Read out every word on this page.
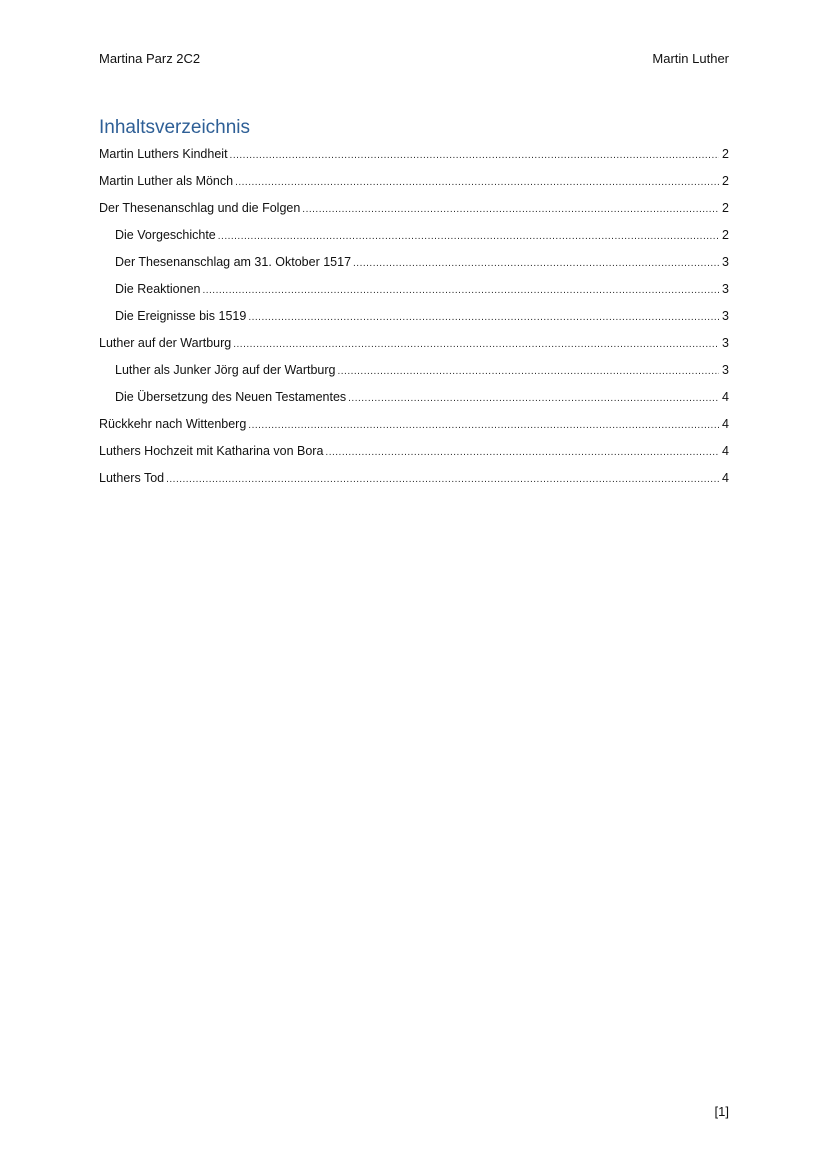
Martina Parz 2C2	Martin Luther
Inhaltsverzeichnis
Martin Luthers Kindheit .....	2
Martin Luther als Mönch .....	2
Der Thesenanschlag und die Folgen .....	2
Die Vorgeschichte .....	2
Der Thesenanschlag am 31. Oktober 1517 .....	3
Die Reaktionen .....	3
Die Ereignisse bis 1519 .....	3
Luther auf der Wartburg .....	3
Luther als Junker Jörg auf der Wartburg .....	3
Die Übersetzung des Neuen Testamentes .....	4
Rückkehr nach Wittenberg .....	4
Luthers Hochzeit mit Katharina von Bora .....	4
Luthers Tod .....	4
[1]
